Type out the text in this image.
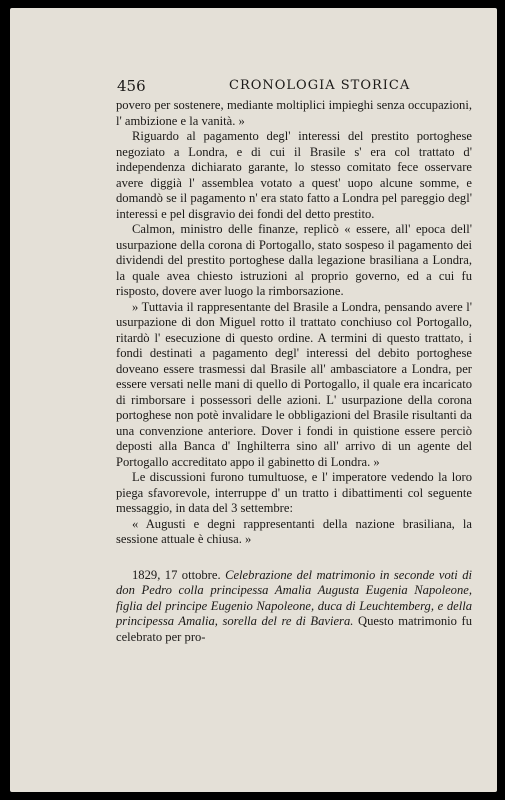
456	CRONOLOGIA STORICA

povero per sostenere, mediante moltiplici impieghi senza occupazioni, l' ambizione e la vanità. »

Riguardo al pagamento degl' interessi del prestito portoghese negoziato a Londra, e di cui il Brasile s' era col trattato d' independenza dichiarato garante, lo stesso comitato fece osservare avere diggià l' assemblea votato a quest' uopo alcune somme, e domandò se il pagamento n' era stato fatto a Londra pel pareggio degl' interessi e pel disgravio dei fondi del detto prestito.

Calmon, ministro delle finanze, replicò « essere, all' epoca dell' usurpazione della corona di Portogallo, stato sospeso il pagamento dei dividendi del prestito portoghese dalla legazione brasiliana a Londra, la quale avea chiesto istruzioni al proprio governo, ed a cui fu risposto, dovere aver luogo la rimborsazione.

» Tuttavia il rappresentante del Brasile a Londra, pensando avere l' usurpazione di don Miguel rotto il trattato conchiuso col Portogallo, ritardò l' esecuzione di questo ordine. A termini di questo trattato, i fondi destinati a pagamento degl' interessi del debito portoghese doveano essere trasmessi dal Brasile all' ambasciatore a Londra, per essere versati nelle mani di quello di Portogallo, il quale era incaricato di rimborsare i possessori delle azioni. L' usurpazione della corona portoghese non potè invalidare le obbligazioni del Brasile risultanti da una convenzione anteriore. Dover i fondi in quistione essere perciò deposti alla Banca d' Inghilterra sino all' arrivo di un agente del Portogallo accreditato appo il gabinetto di Londra. »

Le discussioni furono tumultuose, e l' imperatore vedendo la loro piega sfavorevole, interruppe d' un tratto i dibattimenti col seguente messaggio, in data del 3 settembre:

« Augusti e degni rappresentanti della nazione brasiliana, la sessione attuale è chiusa. »

1829, 17 ottobre. Celebrazione del matrimonio in seconde voti di don Pedro colla principessa Amalia Augusta Eugenia Napoleone, figlia del principe Eugenio Napoleone, duca di Leuchtemberg, e della principessa Amalia, sorella del re di Baviera. Questo matrimonio fu celebrato per pro-
